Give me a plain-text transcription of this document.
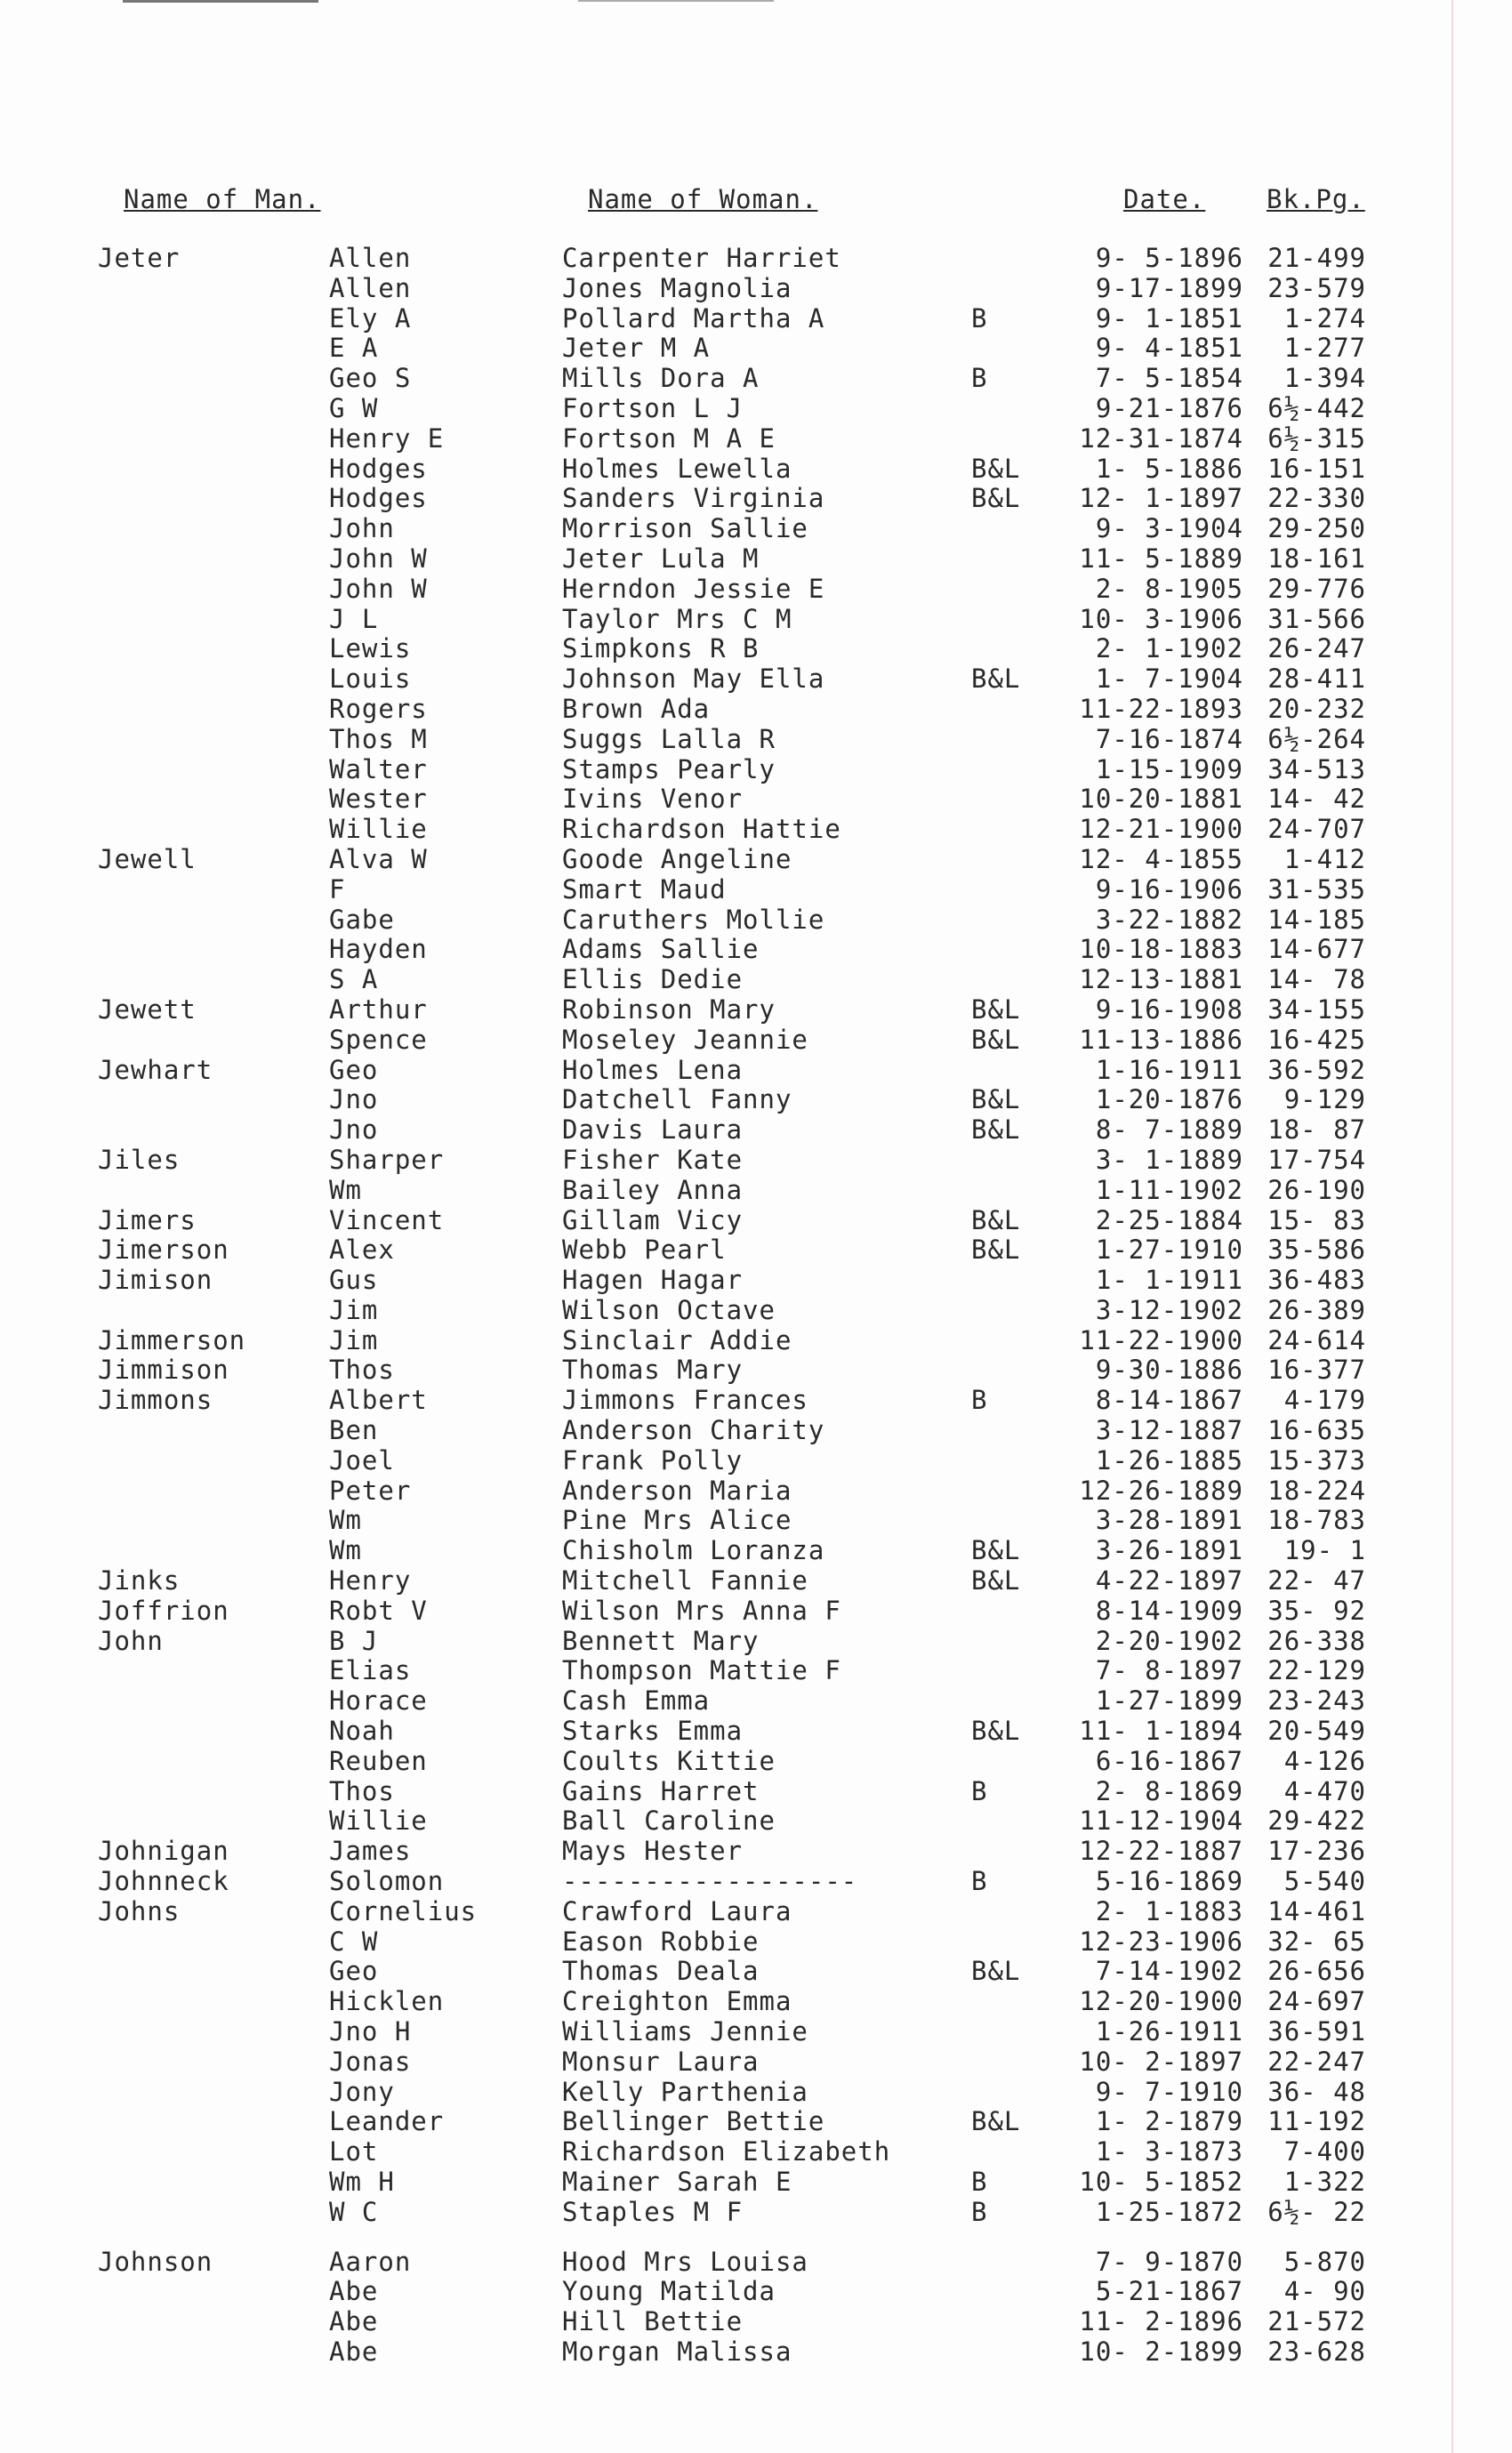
Name of Man.	Name of Woman.	Date. Bk.Pg.
Jeter	Allen	Carpenter Harriet	9- 5-1896 21-499
Allen	Jones Magnolia	9-17-1899 23-579
Ely A	Pollard Martha A	B	9- 1-1851 1-274
E A	Jeter M A	9- 4-1851 1-277
Geo S	Mills Dora A	B	7- 5-1854 1-394
G W	Fortson L J	9-21-1876 6½-442
Henry E	Fortson M A E	12-31-1874 6½-315
Hodges	Holmes Lewella	B&L	1- 5-1886 16-151
Hodges	Sanders Virginia	B&L 12- 1-1897 22-330
John	Morrison Sallie	9- 3-1904 29-250
John W	Jeter Lula M	11- 5-1889 18-161
John W	Herndon Jessie E	2- 8-1905 29-776
J L	Taylor Mrs C M	10- 3-1906 31-566
Lewis	Simpkons R B	2- 1-1902 26-247
Louis	Johnson May Ella	B&L	1- 7-1904 28-411
Rogers	Brown Ada	11-22-1893 20-232
Thos M	Suggs Lalla R	7-16-1874 6½-264
Walter	Stamps Pearly	1-15-1909 34-513
Wester	Ivins Venor	10-20-1881 14- 42
Willie	Richardson Hattie	12-21-1900 24-707
Jewell	Alva W	Goode Angeline	12- 4-1855 1-412
F	Smart Maud	9-16-1906 31-535
Gabe	Caruthers Mollie	3-22-1882 14-185
Hayden	Adams Sallie	10-18-1883 14-677
S A	Ellis Dedie	12-13-1881 14- 78
Jewett	Arthur	Robinson Mary	B&L	9-16-1908 34-155
Spence	Moseley Jeannie	B&L 11-13-1886 16-425
Jewhart	Geo	Holmes Lena	1-16-1911 36-592
Jno	Datchell Fanny	B&L	1-20-1876 9-129
Jno	Davis Laura	B&L	8- 7-1889 18- 87
Jiles	Sharper	Fisher Kate	3- 1-1889 17-754
Wm	Bailey Anna	1-11-1902 26-190
Jimers	Vincent	Gillam Vicy	B&L	2-25-1884 15- 83
Jimerson	Alex	Webb Pearl	B&L	1-27-1910 35-586
Jimison	Gus	Hagen Hagar	1- 1-1911 36-483
Jim	Wilson Octave	3-12-1902 26-389
Jimmerson	Jim	Sinclair Addie	11-22-1900 24-614
Jimmison	Thos	Thomas Mary	9-30-1886 16-377
Jimmons	Albert	Jimmons Frances	B	8-14-1867 4-179
Ben	Anderson Charity	3-12-1887 16-635
Joel	Frank Polly	1-26-1885 15-373
Peter	Anderson Maria	12-26-1889 18-224
Wm	Pine Mrs Alice	3-28-1891 18-783
Wm	Chisholm Loranza	B&L	3-26-1891 19- 1
Jinks	Henry	Mitchell Fannie	B&L	4-22-1897 22- 47
Joffrion	Robt V	Wilson Mrs Anna F	8-14-1909 35- 92
John	B J	Bennett Mary	2-20-1902 26-338
Elias	Thompson Mattie F	7- 8-1897 22-129
Horace	Cash Emma	1-27-1899 23-243
Noah	Starks Emma	B&L 11- 1-1894 20-549
Reuben	Coults Kittie	6-16-1867 4-126
Thos	Gains Harret	B	2- 8-1869 4-470
Willie	Ball Caroline	11-12-1904 29-422
Johnigan	James	Mays Hester	12-22-1887 17-236
Johnneck	Solomon	------------------	B	5-16-1869 5-540
Johns	Cornelius	Crawford Laura	2- 1-1883 14-461
C W	Eason Robbie	12-23-1906 32- 65
Geo	Thomas Deala	B&L	7-14-1902 26-656
Hicklen	Creighton Emma	12-20-1900 24-697
Jno H	Williams Jennie	1-26-1911 36-591
Jonas	Monsur Laura	10- 2-1897 22-247
Jony	Kelly Parthenia	9- 7-1910 36- 48
Leander	Bellinger Bettie	B&L	1- 2-1879 11-192
Lot	Richardson Elizabeth	1- 3-1873 7-400
Wm H	Mainer Sarah E	B	10- 5-1852 1-322
W C	Staples M F	B	1-25-1872 6½- 22
Johnson	Aaron	Hood Mrs Louisa	7- 9-1870 5-870
Abe	Young Matilda	5-21-1867 4- 90
Abe	Hill Bettie	11- 2-1896 21-572
Abe	Morgan Malissa	10- 2-1899 23-628
